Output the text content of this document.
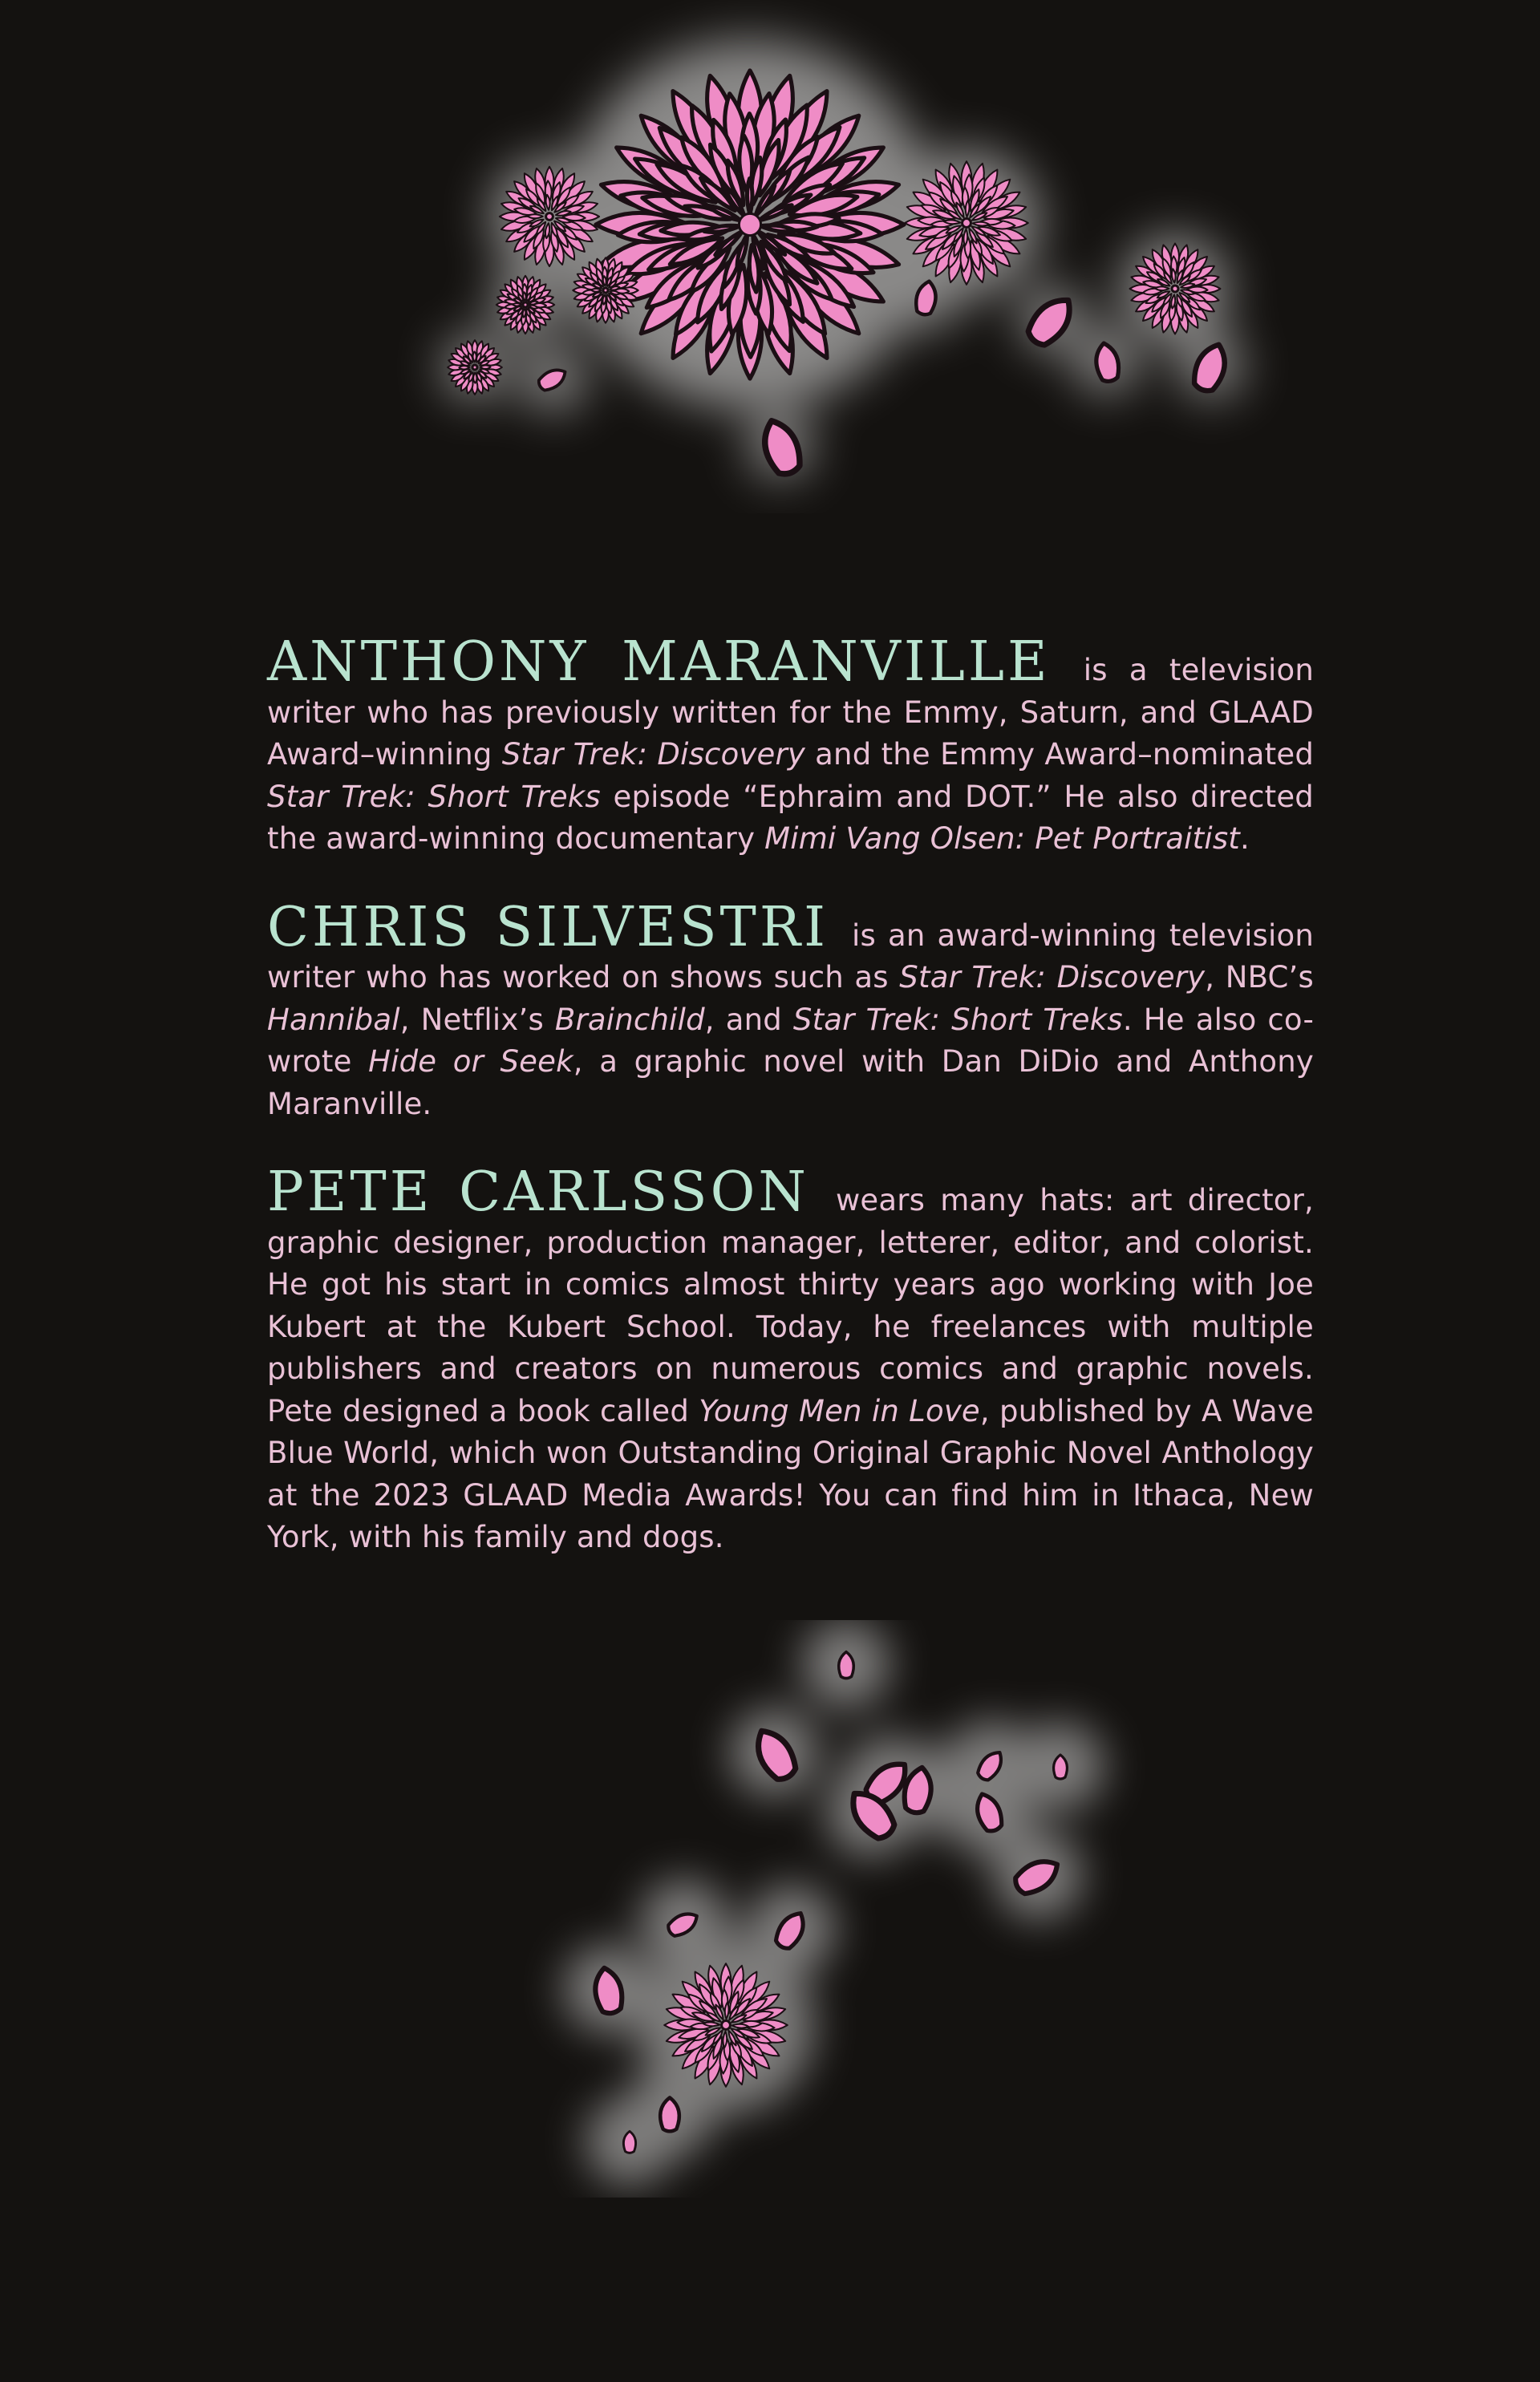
ANTHONY MARANVILLE is a television writer who has previously written for the Emmy, Saturn, and GLAAD Award–winning Star Trek: Discovery and the Emmy Award–nominated Star Trek: Short Treks episode “Ephraim and DOT.” He also directed the award-winning documentary Mimi Vang Olsen: Pet Portraitist.

CHRIS SILVESTRI is an award-winning television writer who has worked on shows such as Star Trek: Discovery, NBC’s Hannibal, Netflix’s Brainchild, and Star Trek: Short Treks. He also co-wrote Hide or Seek, a graphic novel with Dan DiDio and Anthony Maranville.

PETE CARLSSON wears many hats: art director, graphic designer, production manager, letterer, editor, and colorist. He got his start in comics almost thirty years ago working with Joe Kubert at the Kubert School. Today, he freelances with multiple publishers and creators on numerous comics and graphic novels. Pete designed a book called Young Men in Love, published by A Wave Blue World, which won Outstanding Original Graphic Novel Anthology at the 2023 GLAAD Media Awards! You can find him in Ithaca, New York, with his family and dogs.
